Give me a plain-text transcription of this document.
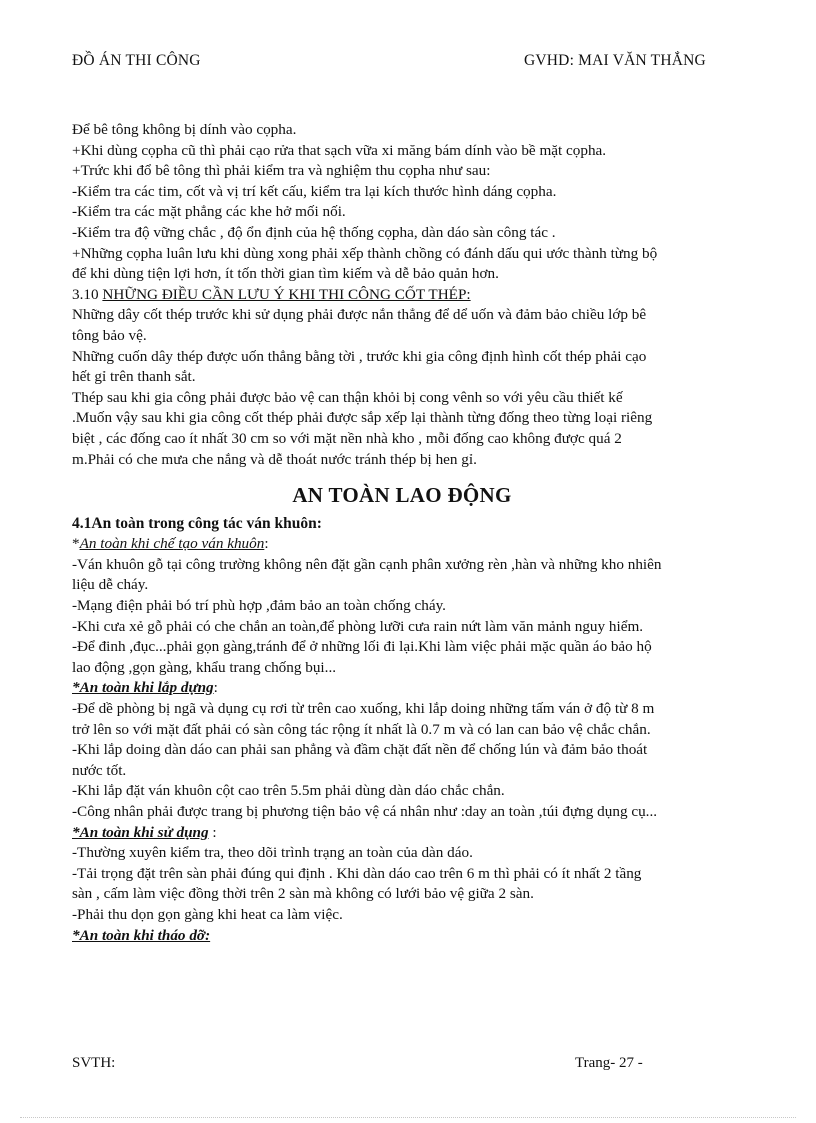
ĐỒ ÁN THI CÔNG	GVHD: MAI VĂN THẮNG

Để bê tông không bị dính vào cọpha.

+Khi dùng cọpha cũ thì phải cạo rửa that sạch vữa xi măng bám dính vào bề mặt cọpha.

+Trức khi đổ bê tông thì phải kiểm tra và nghiệm thu cọpha như sau:

-Kiểm tra các tim, cốt và vị trí kết cấu, kiểm tra lại kích thước hình dáng cọpha.

-Kiểm tra các mặt phẳng các khe hở mối nối.

-Kiểm tra độ vững chắc , độ ổn định của hệ thống cọpha, dàn dáo sàn công tác .

+Những cọpha luân lưu khi dùng xong phải xếp thành chồng có đánh dấu qui ước thành từng bộ

để khi dùng tiện lợi hơn, ít tốn thời gian tìm kiếm và dễ bảo quản hơn.

3.10 NHỮNG ĐIỀU CẦN LƯU Ý KHI THI CÔNG CỐT THÉP:

Những dây cốt thép trước khi sử dụng phải được nắn thẳng để dể uốn và đảm bảo chiều lớp bê

tông bảo vệ.

Những cuốn dây thép được uốn thẳng bằng tời , trước khi gia công định hình cốt thép phải cạo

hết gỉ trên thanh sắt.

Thép sau khi gia công phải được bảo vệ can thận khỏi bị cong vênh so với yêu cầu thiết kế

.Muốn vậy sau khi gia công cốt thép phải được sắp xếp lại thành từng đống theo từng loại riêng

biệt , các đống cao ít nhất 30 cm so với mặt nền nhà kho , mỗi đống cao không được quá 2

m.Phải có che mưa che nắng và dễ thoát nước tránh thép bị hen gỉ.

AN TOÀN LAO ĐỘNG

4.1An toàn trong công tác ván khuôn:

*An toàn khi chế tạo ván khuôn:

-Ván khuôn gỗ tại công trường không nên đặt gần cạnh phân xưởng rèn ,hàn và những kho nhiên

liệu dễ cháy.

-Mạng điện phải bó trí phù hợp ,đảm bảo an toàn chống cháy.

-Khi cưa xẻ gỗ phải có che chắn an toàn,để phòng lưỡi cưa rain nứt làm văn mảnh nguy hiểm.

-Để đinh ,đục...phải gọn gàng,tránh để ở những lối đi lại.Khi làm việc phải mặc quần áo bảo hộ

lao động ,gọn gàng, khẩu trang chống bụi...

*An toàn khi lắp dựng:

-Để dề phòng bị ngã và dụng cụ rơi từ trên cao xuống, khi lắp doing những tấm ván ở độ từ 8 m

trở lên so với mặt đất phải có sàn công tác rộng ít nhất là 0.7 m và có lan can bảo vệ chắc chắn.

-Khi lắp doing dàn dáo can phải san phẳng và đầm chặt đất nền để chống lún và đảm bảo thoát

nước tốt.

-Khi lắp đặt ván khuôn cột cao trên 5.5m phải dùng dàn dáo chắc chắn.

-Công nhân phải được trang bị phương tiện bảo vệ cá nhân như :day an toàn ,túi đựng dụng cụ...

*An toàn khi sử dụng :

-Thường xuyên kiểm tra, theo dõi trình trạng an toàn của dàn dáo.

-Tải trọng đặt trên sàn phải đúng qui định . Khi dàn dáo cao trên 6 m thì phải có ít nhất 2 tầng

sàn , cấm làm việc đồng thời trên 2 sàn mà không có lưới bảo vệ giữa 2 sàn.

-Phải thu dọn gọn gàng khi heat ca làm việc.

*An toàn khi tháo dỡ:

SVTH:	Trang- 27 -
